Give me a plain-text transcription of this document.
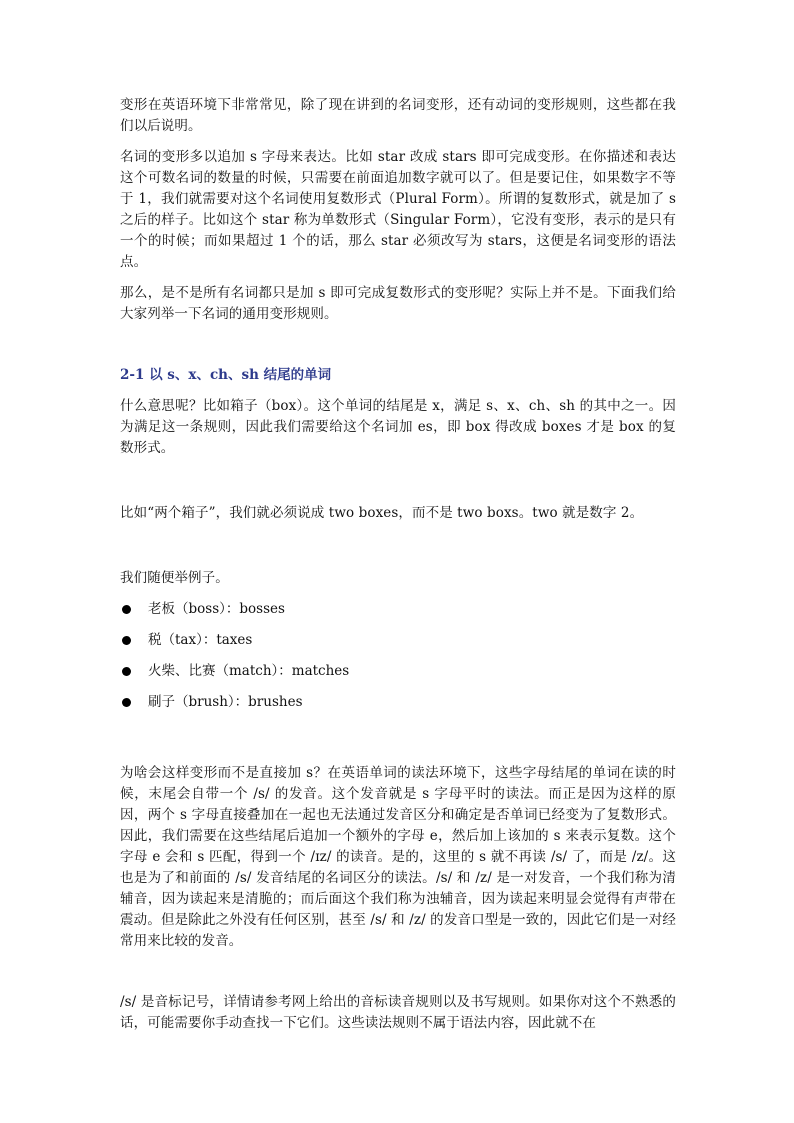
变形在英语环境下非常常见，除了现在讲到的名词变形，还有动词的变形规则，这些都在我们以后说明。

名词的变形多以追加 s 字母来表达。比如 star 改成 stars 即可完成变形。在你描述和表达这个可数名词的数量的时候，只需要在前面追加数字就可以了。但是要记住，如果数字不等于 1，我们就需要对这个名词使用复数形式（Plural Form）。所谓的复数形式，就是加了 s 之后的样子。比如这个 star 称为单数形式（Singular Form），它没有变形，表示的是只有一个的时候；而如果超过 1 个的话，那么 star 必须改写为 stars，这便是名词变形的语法点。

那么，是不是所有名词都只是加 s 即可完成复数形式的变形呢？实际上并不是。下面我们给大家列举一下名词的通用变形规则。

2-1 以 s、x、ch、sh 结尾的单词

什么意思呢？比如箱子（box）。这个单词的结尾是 x，满足 s、x、ch、sh 的其中之一。因为满足这一条规则，因此我们需要给这个名词加 es，即 box 得改成 boxes 才是 box 的复数形式。

比如“两个箱子”，我们就必须说成 two boxes，而不是 two boxs。two 就是数字 2。

我们随便举例子。

老板（boss）：bosses
税（tax）：taxes
火柴、比赛（match）：matches
刷子（brush）：brushes

为啥会这样变形而不是直接加 s？在英语单词的读法环境下，这些字母结尾的单词在读的时候，末尾会自带一个 /s/ 的发音。这个发音就是 s 字母平时的读法。而正是因为这样的原因，两个 s 字母直接叠加在一起也无法通过发音区分和确定是否单词已经变为了复数形式。因此，我们需要在这些结尾后追加一个额外的字母 e，然后加上该加的 s 来表示复数。这个字母 e 会和 s 匹配，得到一个 /ɪz/ 的读音。是的，这里的 s 就不再读 /s/ 了，而是 /z/。这也是为了和前面的 /s/ 发音结尾的名词区分的读法。/s/ 和 /z/ 是一对发音，一个我们称为清辅音，因为读起来是清脆的；而后面这个我们称为浊辅音，因为读起来明显会觉得有声带在震动。但是除此之外没有任何区别，甚至 /s/ 和 /z/ 的发音口型是一致的，因此它们是一对经常用来比较的发音。

/s/ 是音标记号，详情请参考网上给出的音标读音规则以及书写规则。如果你对这个不熟悉的话，可能需要你手动查找一下它们。这些读法规则不属于语法内容，因此就不在
